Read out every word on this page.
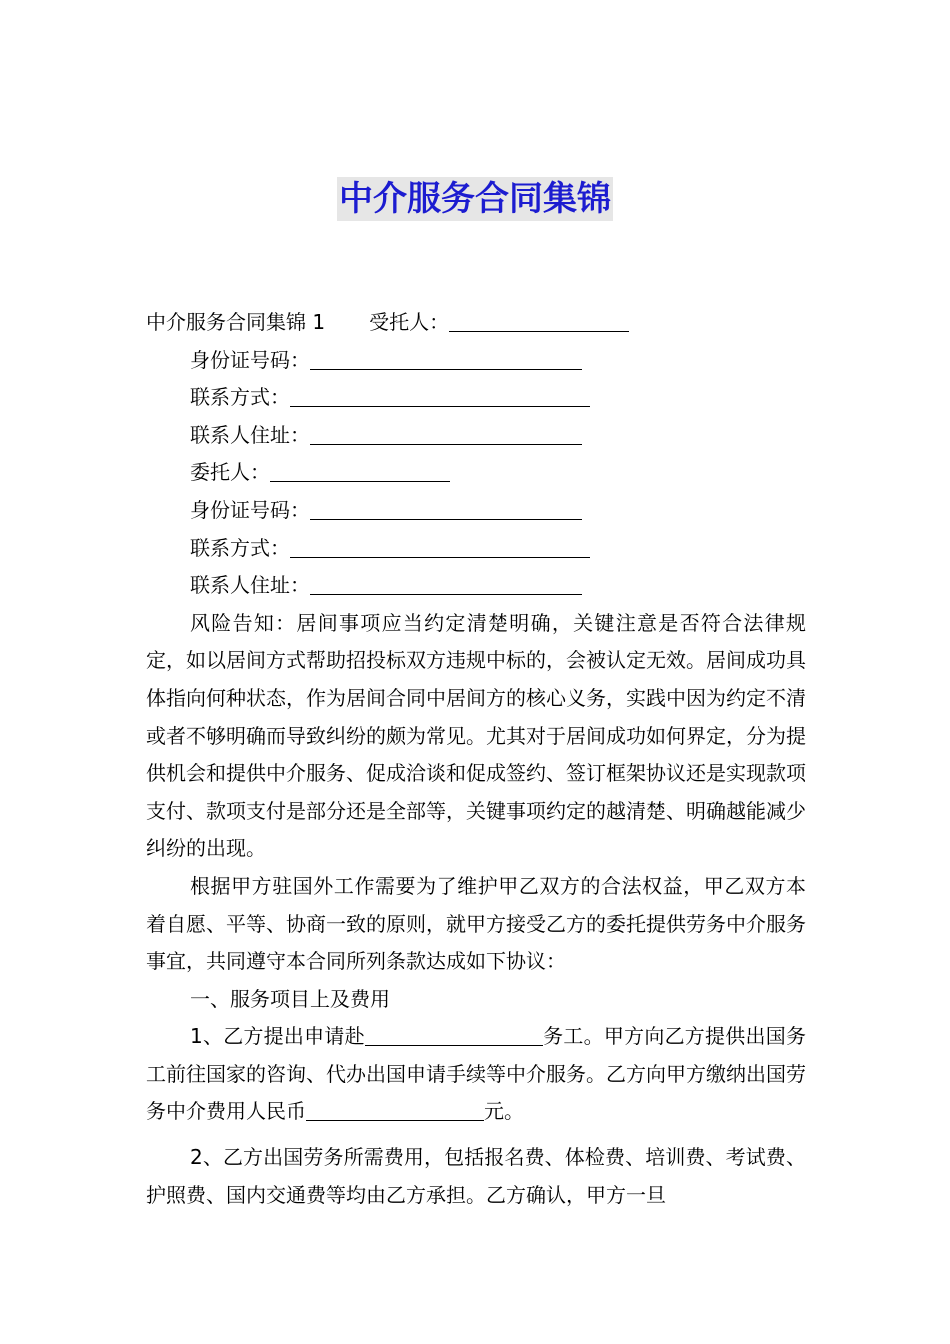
中介服务合同集锦

中介服务合同集锦 1 受托人：

身份证号码：

联系方式：

联系人住址：

委托人：

身份证号码：

联系方式：

联系人住址：

风险告知：居间事项应当约定清楚明确，关键注意是否符合法律规定，如以居间方式帮助招投标双方违规中标的，会被认定无效。居间成功具体指向何种状态，作为居间合同中居间方的核心义务，实践中因为约定不清或者不够明确而导致纠纷的颇为常见。尤其对于居间成功如何界定，分为提供机会和提供中介服务、促成洽谈和促成签约、签订框架协议还是实现款项支付、款项支付是部分还是全部等，关键事项约定的越清楚、明确越能减少纠纷的出现。

根据甲方驻国外工作需要为了维护甲乙双方的合法权益，甲乙双方本着自愿、平等、协商一致的原则，就甲方接受乙方的委托提供劳务中介服务事宜，共同遵守本合同所列条款达成如下协议：

一、服务项目上及费用

1、乙方提出申请赴	务工。甲方向乙方提供出国务工前往国家的咨询、代办出国申请手续等中介服务。乙方向甲方缴纳出国劳务中介费用人民币	元。

2、乙方出国劳务所需费用，包括报名费、体检费、培训费、考试费、护照费、国内交通费等均由乙方承担。乙方确认，甲方一旦
